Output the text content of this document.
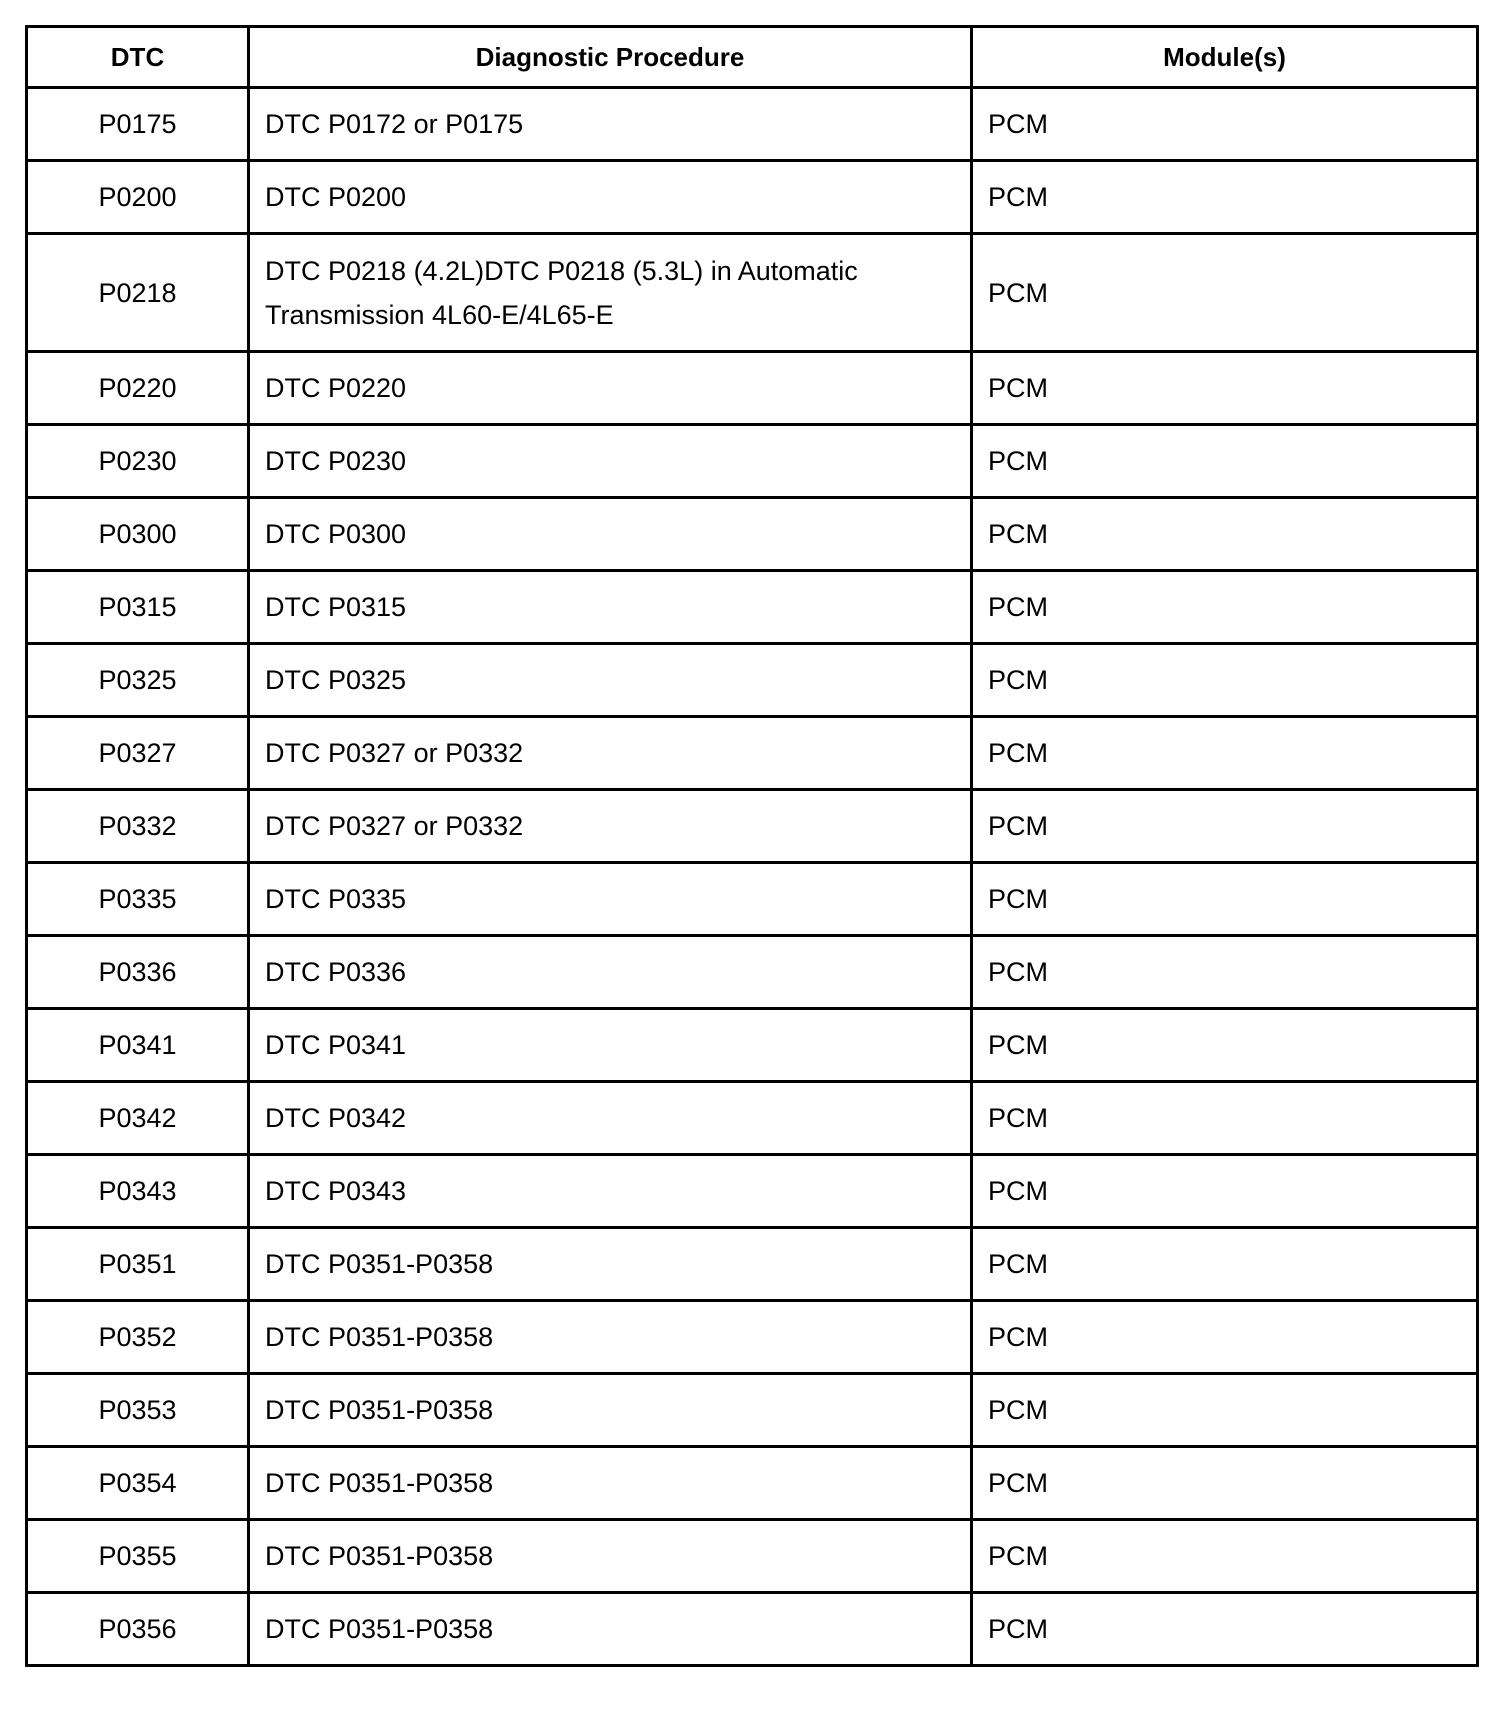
DTC	Diagnostic Procedure	Module(s)
P0175	DTC P0172 or P0175	PCM
P0200	DTC P0200	PCM
P0218	DTC P0218 (4.2L)DTC P0218 (5.3L) in Automatic Transmission 4L60-E/4L65-E	PCM
P0220	DTC P0220	PCM
P0230	DTC P0230	PCM
P0300	DTC P0300	PCM
P0315	DTC P0315	PCM
P0325	DTC P0325	PCM
P0327	DTC P0327 or P0332	PCM
P0332	DTC P0327 or P0332	PCM
P0335	DTC P0335	PCM
P0336	DTC P0336	PCM
P0341	DTC P0341	PCM
P0342	DTC P0342	PCM
P0343	DTC P0343	PCM
P0351	DTC P0351-P0358	PCM
P0352	DTC P0351-P0358	PCM
P0353	DTC P0351-P0358	PCM
P0354	DTC P0351-P0358	PCM
P0355	DTC P0351-P0358	PCM
P0356	DTC P0351-P0358	PCM
